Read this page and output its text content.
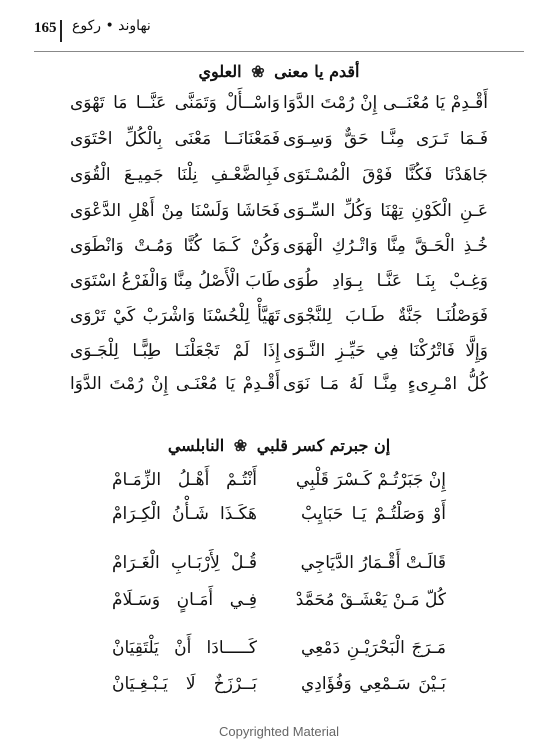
165 نهاوند • ركوع
أقدم يا معنى ❀ العلوي
أَقْـدِمْ يَا مُعْنَــى إِنْ رُمْتَ الدَّوَا
وَاسْــأَلْ وَتَمَنَّى عَنَّــا مَا تَهْوَى
فَـمَا تَـرَى مِنَّـا حَقٌّ وَسِـوَى
فَمَعْنَانَــا مَعْنَى بِالْكُلِّ احْتَوَى
جَاهَدْنَا فَكُنَّا فَوْقَ الْمُسْـتَوَى
فَبِالضَّعْـفِ نِلْنَا جَمِيـعَ الْقُوَى
عَـنِ الْكَوْنِ تِهْنَا وَكُلِّ السِّـوَى
فَحَاشَا وَلَسْنَا مِنْ أَهْلِ الدَّعْوَى
خُـذِ الْحَـقَّ مِنَّا وَاتْـرُكِ الْهَوَى
وَكُنْ كَـمَا كُنَّا وَمُـتْ وَانْطَوَى
وَغِـبْ بِنَـا عَنَّـا بِـوَادِ طُوَى
طَابَ الْأَصْلُ مِنَّا وَالْفَرْعُ اسْتَوَى
فَوَصْلُنَـا جَنَّةٌ طَـابَ لِلنَّجْوَى
تَهَيَّأْ لِلْحُسْنَا وَاشْرَبْ كَيْ تَرْوَى
وَإِلَّا فَاتْرُكْنَا فِي حَيِّـزِ النَّـوَى
إِذَا لَمْ تَجْعَلْنَـا طِبًّـا لِلْجَـوَى
كُلُّ امْـرِىءٍ مِنَّـا لَهُ مَـا نَوَى
أَقْـدِمْ يَا مُعْنَـى إِنْ رُمْتَ الدَّوَا
إن جبرتم كسر قلبي ❀ النابلسي
إِنْ جَبَرْتُـمْ كَـسْرَ قَلْبِي
أَنْتُـمْ أَهْـلُ الزِّمَـامْ
أَوْ وَصَلْتُـمْ يَـا حَبَايِبْ
هَكَـذَا شَـأْنُ الْكِـرَامْ
قَالَـتْ أَقْـمَارُ الدَّيَاجِي
قُـلْ لِأَرْبَـابِ الْغَـرَامْ
كُلّ مَـنْ يَعْشَـقْ مُحَمَّدْ
فِـي أَمَـانٍ وَسَـلَامْ
مَـرَجَ الْبَحْرَيْـنِ دَمْعِي
كَـــــادَا أَنْ يَلْتَقِيَانْ
بَـيْنَ سَـمْعِي وَفُؤَادِي
بَــرْزَخٌ لَا يَـبْـغِـيَانْ
Copyrighted Material
